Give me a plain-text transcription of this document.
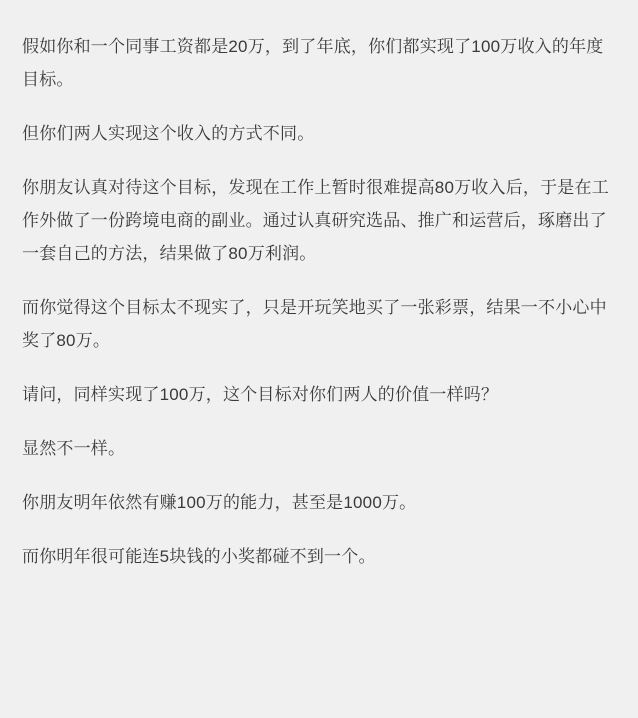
假如你和一个同事工资都是20万，到了年底，你们都实现了100万收入的年度目标。

但你们两人实现这个收入的方式不同。

你朋友认真对待这个目标，发现在工作上暂时很难提高80万收入后，于是在工作外做了一份跨境电商的副业。通过认真研究选品、推广和运营后，琢磨出了一套自己的方法，结果做了80万利润。

而你觉得这个目标太不现实了，只是开玩笑地买了一张彩票，结果一不小心中奖了80万。

请问，同样实现了100万，这个目标对你们两人的价值一样吗？

显然不一样。

你朋友明年依然有赚100万的能力，甚至是1000万。

而你明年很可能连5块钱的小奖都碰不到一个。
